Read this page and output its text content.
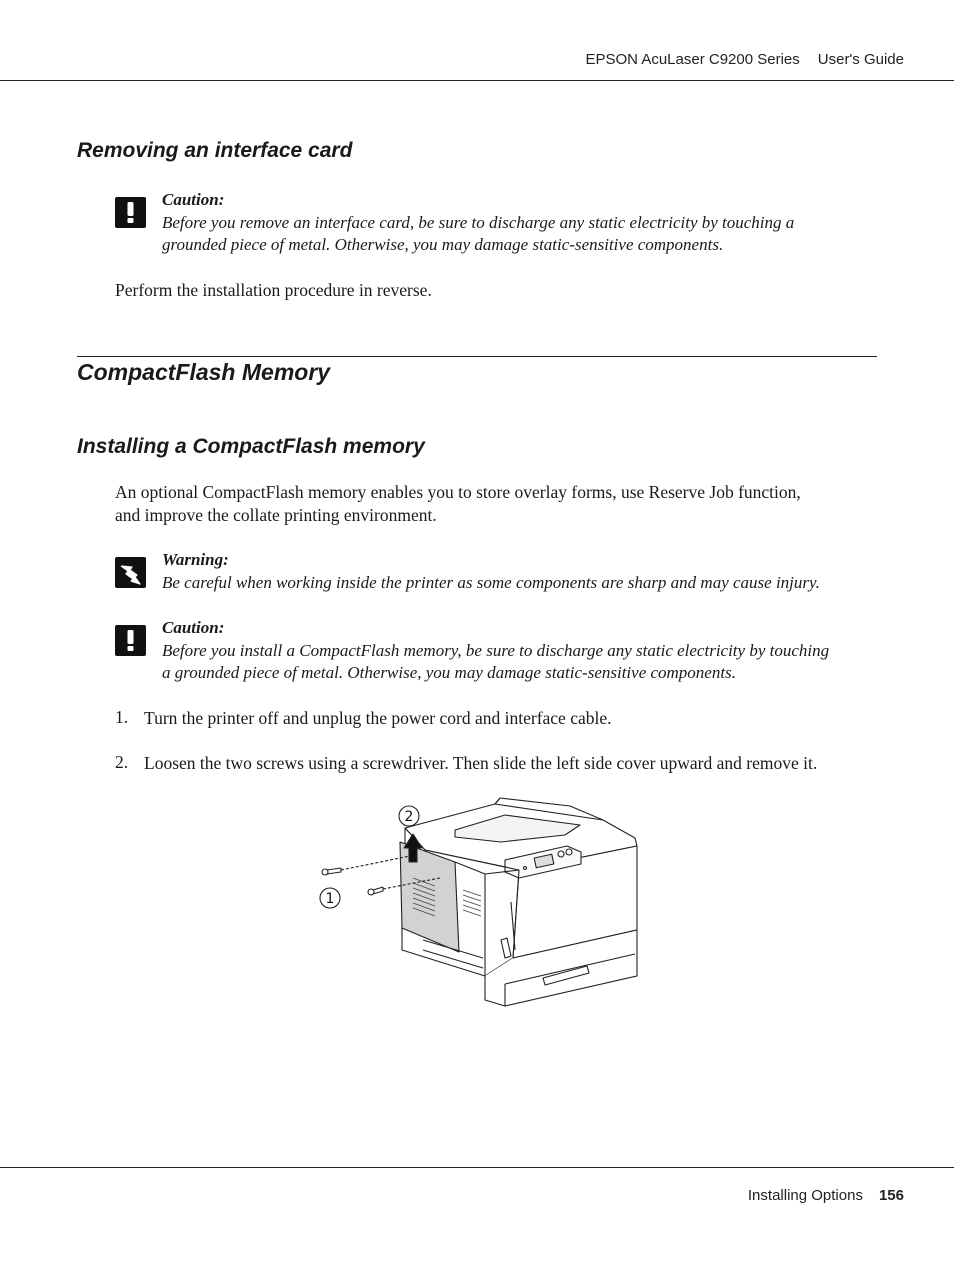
EPSON AcuLaser C9200 Series User's Guide
Removing an interface card
Caution:
Before you remove an interface card, be sure to discharge any static electricity by touching a
grounded piece of metal. Otherwise, you may damage static-sensitive components.
Perform the installation procedure in reverse.
CompactFlash Memory
Installing a CompactFlash memory
An optional CompactFlash memory enables you to store overlay forms, use Reserve Job function,
and improve the collate printing environment.
Warning:
Be careful when working inside the printer as some components are sharp and may cause injury.
Caution:
Before you install a CompactFlash memory, be sure to discharge any static electricity by touching
a grounded piece of metal. Otherwise, you may damage static-sensitive components.
1. Turn the printer off and unplug the power cord and interface cable.
2. Loosen the two screws using a screwdriver. Then slide the left side cover upward and remove it.
2
1
Installing Options 156
